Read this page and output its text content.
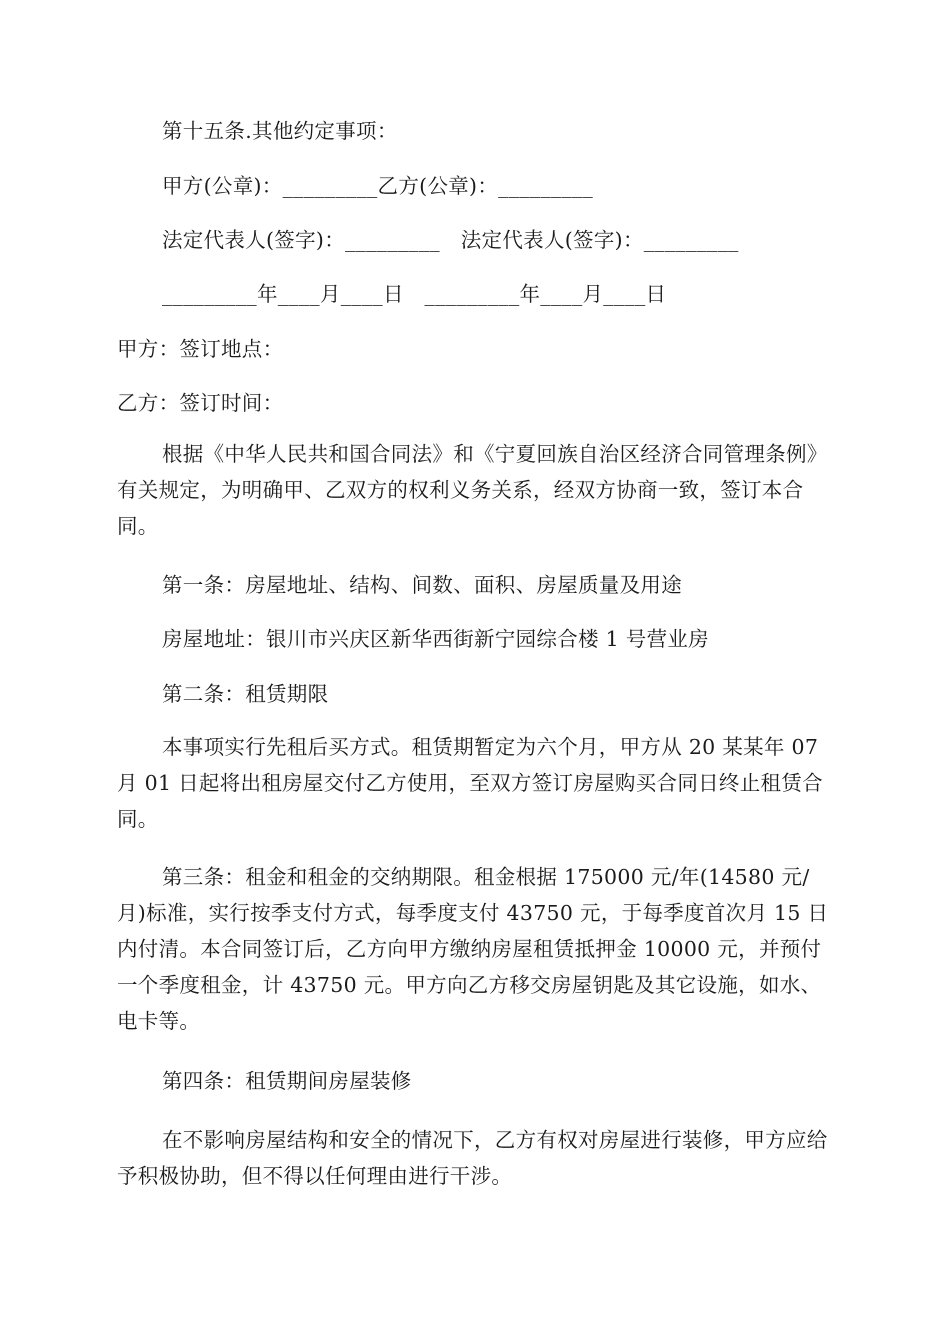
第十五条.其他约定事项：

甲方(公章)：_________乙方(公章)：_________

法定代表人(签字)：_________　法定代表人(签字)：_________

_________年____月____日　_________年____月____日

甲方：签订地点：

乙方：签订时间：

根据《中华人民共和国合同法》和《宁夏回族自治区经济合同管理条例》有关规定，为明确甲、乙双方的权利义务关系，经双方协商一致，签订本合同。

第一条：房屋地址、结构、间数、面积、房屋质量及用途

房屋地址：银川市兴庆区新华西街新宁园综合楼 1 号营业房

第二条：租赁期限

本事项实行先租后买方式。租赁期暂定为六个月，甲方从 20 某某年 07 月 01 日起将出租房屋交付乙方使用，至双方签订房屋购买合同日终止租赁合同。

第三条：租金和租金的交纳期限。租金根据 175000 元/年(14580 元/月)标准，实行按季支付方式，每季度支付 43750 元，于每季度首次月 15 日内付清。本合同签订后，乙方向甲方缴纳房屋租赁抵押金 10000 元，并预付一个季度租金，计 43750 元。甲方向乙方移交房屋钥匙及其它设施，如水、电卡等。

第四条：租赁期间房屋装修

在不影响房屋结构和安全的情况下，乙方有权对房屋进行装修，甲方应给予积极协助，但不得以任何理由进行干涉。
